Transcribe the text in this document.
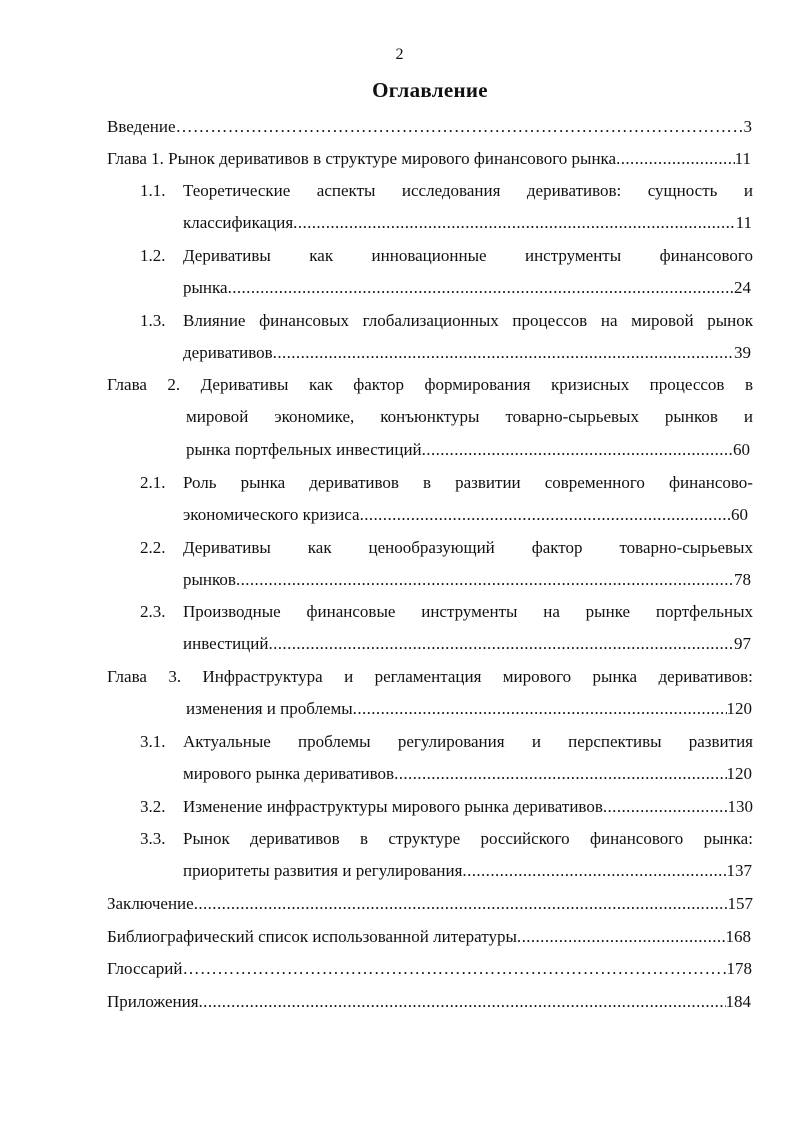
2
Оглавление
Введение ………………………………………………………………………………………………………………………………………………………………………………	3
Глава 1. Рынок деривативов в структуре мирового финансового рынка .....	11
1.1. Теоретические аспекты исследования деривативов: сущность и
классификация .....	11
1.2. Деривативы как инновационные инструменты финансового
рынка .....	24
1.3. Влияние финансовых глобализационных процессов на мировой рынок
деривативов .....	39
Глава 2. Деривативы как фактор формирования кризисных процессов в
мировой экономике, конъюнктуры товарно-сырьевых рынков и
рынка портфельных инвестиций .....	60
2.1. Роль рынка деривативов в развитии современного финансово-
экономического кризиса .....	60
2.2. Деривативы как ценообразующий фактор товарно-сырьевых
рынков .....	78
2.3. Производные финансовые инструменты на рынке портфельных
инвестиций .....	97
Глава 3. Инфраструктура и регламентация мирового рынка деривативов:
изменения и проблемы .....	120
3.1. Актуальные проблемы регулирования и перспективы развития
мирового рынка деривативов .....	120
3.2. Изменение инфраструктуры мирового рынка деривативов .....	130
3.3. Рынок деривативов в структуре российского финансового рынка:
приоритеты развития и регулирования .....	137
Заключение .....	157
Библиографический список использованной литературы .....	168
Глоссарий ………………………………………………………………………………………………………………………………………………………………………………	178
Приложения .....	184
